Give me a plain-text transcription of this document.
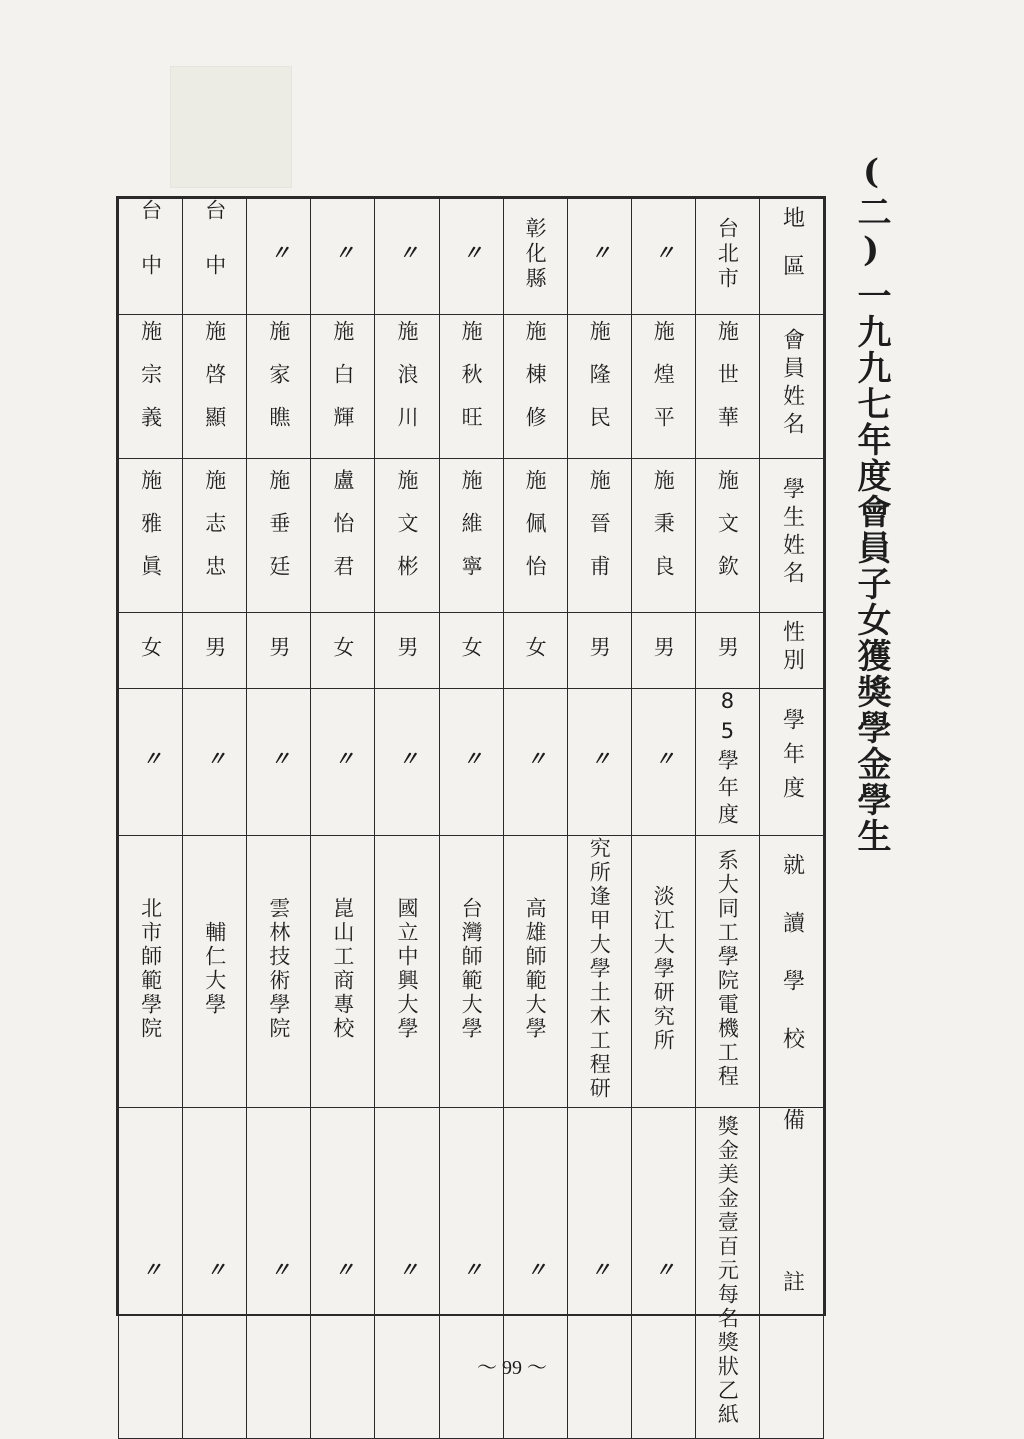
(二)一九九七年度會員子女獲獎學金學生
地區	台北市	〃	〃	彰化縣	〃	〃	〃	〃	台中	台中
會員姓名	施世華	施煌平	施隆民	施棟修	施秋旺	施浪川	施白輝	施家瞧	施啓顯	施宗義
學生姓名	施文欽	施秉良	施晉甫	施佩怡	施維寧	施文彬	盧怡君	施垂廷	施志忠	施雅眞
性別	男	男	男	女	女	男	女	男	男	女
學年度	85學年度	〃	〃	〃	〃	〃	〃	〃	〃	〃
就讀學校	大同工學院電機工程系	淡江大學研究所	逢甲大學土木工程研究所	高雄師範大學	台灣師範大學	國立中興大學	崑山工商專校	雲林技術學院	輔仁大學	北市師範學院
備註	每名獎狀乙紙獎金美金壹百元	〃	〃	〃	〃	〃	〃	〃	〃	〃
～ 99 ～
